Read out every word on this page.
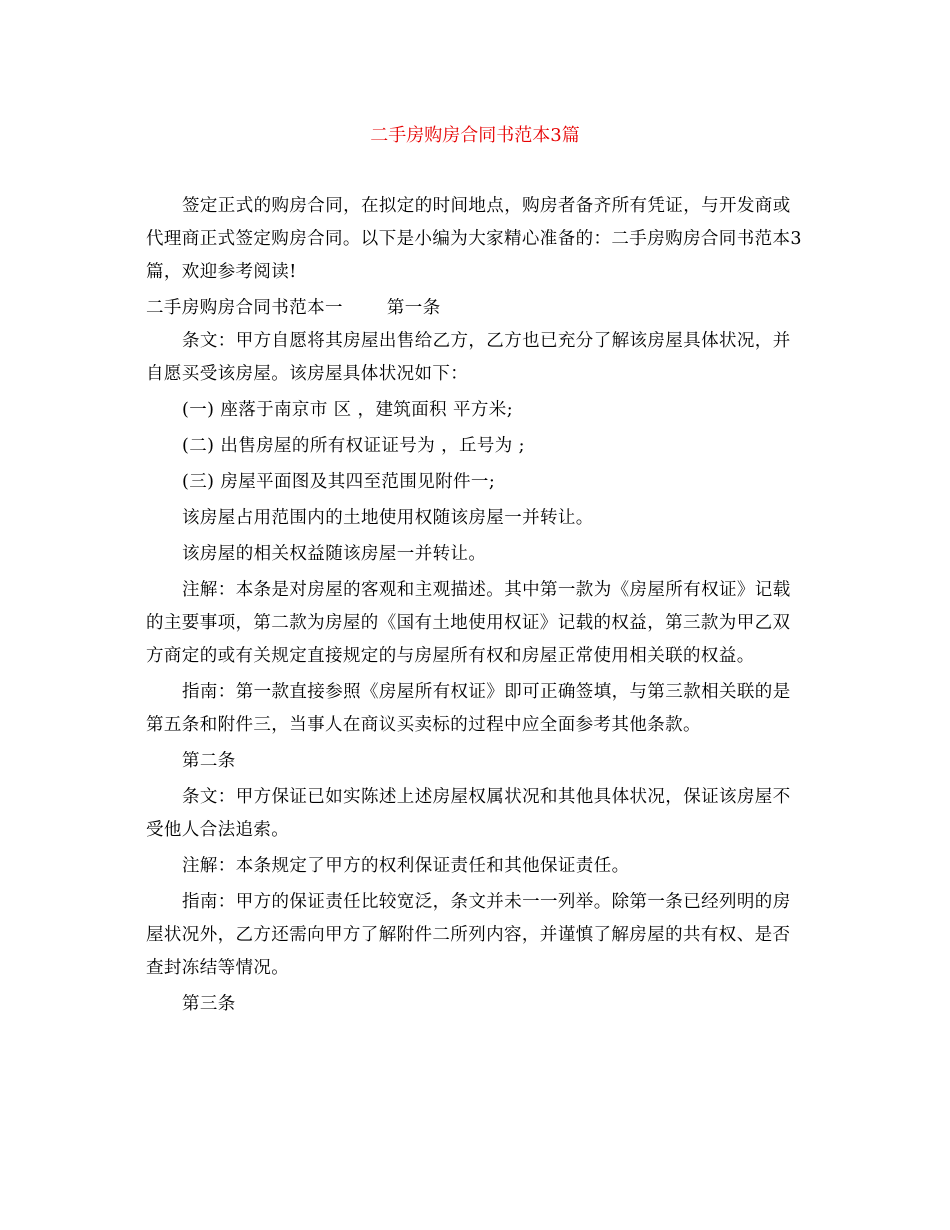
二手房购房合同书范本3篇

签定正式的购房合同，在拟定的时间地点，购房者备齐所有凭证，与开发商或代理商正式签定购房合同。以下是小编为大家精心准备的：二手房购房合同书范本3篇，欢迎参考阅读!

二手房购房合同书范本一	第一条

条文：甲方自愿将其房屋出售给乙方，乙方也已充分了解该房屋具体状况，并自愿买受该房屋。该房屋具体状况如下：

(一) 座落于南京市 区 ，建筑面积 平方米;

(二) 出售房屋的所有权证证号为 ，丘号为 ;

(三) 房屋平面图及其四至范围见附件一;

该房屋占用范围内的土地使用权随该房屋一并转让。

该房屋的相关权益随该房屋一并转让。

注解：本条是对房屋的客观和主观描述。其中第一款为《房屋所有权证》记载的主要事项，第二款为房屋的《国有土地使用权证》记载的权益，第三款为甲乙双方商定的或有关规定直接规定的与房屋所有权和房屋正常使用相关联的权益。

指南：第一款直接参照《房屋所有权证》即可正确签填，与第三款相关联的是第五条和附件三，当事人在商议买卖标的过程中应全面参考其他条款。

第二条

条文：甲方保证已如实陈述上述房屋权属状况和其他具体状况，保证该房屋不受他人合法追索。

注解：本条规定了甲方的权利保证责任和其他保证责任。

指南：甲方的保证责任比较宽泛，条文并未一一列举。除第一条已经列明的房屋状况外，乙方还需向甲方了解附件二所列内容，并谨慎了解房屋的共有权、是否查封冻结等情况。

第三条
